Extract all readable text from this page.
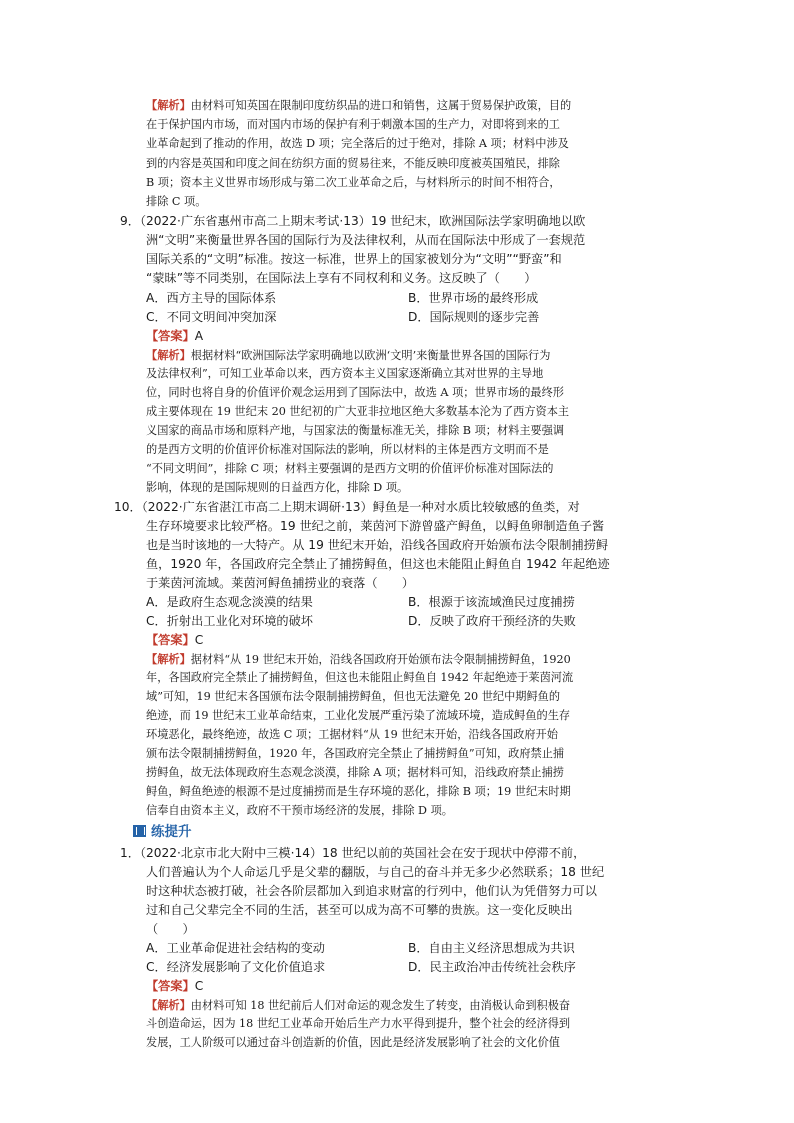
【解析】由材料可知英国在限制印度纺织品的进口和销售，这属于贸易保护政策，目的
在于保护国内市场，而对国内市场的保护有利于刺激本国的生产力，对即将到来的工
业革命起到了推动的作用，故选 D 项；完全落后的过于绝对，排除 A 项；材料中涉及
到的内容是英国和印度之间在纺织方面的贸易往来，不能反映印度被英国殖民，排除
B 项；资本主义世界市场形成与第二次工业革命之后，与材料所示的时间不相符合，
排除 C 项。
9．（2022·广东省惠州市高二上期末考试·13）19 世纪末，欧洲国际法学家明确地以欧
洲“文明”来衡量世界各国的国际行为及法律权利，从而在国际法中形成了一套规范
国际关系的“文明”标准。按这一标准，世界上的国家被划分为“文明”“野蛮”和
“蒙昧”等不同类别，在国际法上享有不同权利和义务。这反映了（　　）
A．西方主导的国际体系	B．世界市场的最终形成
C．不同文明间冲突加深	D．国际规则的逐步完善
【答案】A
【解析】根据材料“欧洲国际法学家明确地以欧洲‘文明’来衡量世界各国的国际行为
及法律权利”，可知工业革命以来，西方资本主义国家逐渐确立其对世界的主导地
位，同时也将自身的价值评价观念运用到了国际法中，故选 A 项；世界市场的最终形
成主要体现在 19 世纪末 20 世纪初的广大亚非拉地区绝大多数基本沦为了西方资本主
义国家的商品市场和原料产地，与国家法的衡量标准无关，排除 B 项；材料主要强调
的是西方文明的价值评价标准对国际法的影响，所以材料的主体是西方文明而不是
“不同文明间”，排除 C 项；材料主要强调的是西方文明的价值评价标准对国际法的
影响，体现的是国际规则的日益西方化，排除 D 项。
10．（2022·广东省湛江市高二上期末调研·13）鲟鱼是一种对水质比较敏感的鱼类，对
生存环境要求比较严格。19 世纪之前，莱茵河下游曾盛产鲟鱼，以鲟鱼卵制造鱼子酱
也是当时该地的一大特产。从 19 世纪末开始，沿线各国政府开始颁布法令限制捕捞鲟
鱼，1920 年，各国政府完全禁止了捕捞鲟鱼，但这也未能阻止鲟鱼自 1942 年起绝迹
于莱茵河流域。莱茵河鲟鱼捕捞业的衰落（　　）
A．是政府生态观念淡漠的结果	B．根源于该流域渔民过度捕捞
C．折射出工业化对环境的破坏	D．反映了政府干预经济的失败
【答案】C
【解析】据材料“从 19 世纪末开始，沿线各国政府开始颁布法令限制捕捞鲟鱼，1920
年，各国政府完全禁止了捕捞鲟鱼，但这也未能阻止鲟鱼自 1942 年起绝迹于莱茵河流
域”可知，19 世纪末各国颁布法令限制捕捞鲟鱼，但也无法避免 20 世纪中期鲟鱼的
绝迹，而 19 世纪末工业革命结束，工业化发展严重污染了流域环境，造成鲟鱼的生存
环境恶化，最终绝迹，故选 C 项；工据材料“从 19 世纪末开始，沿线各国政府开始
颁布法令限制捕捞鲟鱼，1920 年，各国政府完全禁止了捕捞鲟鱼”可知，政府禁止捕
捞鲟鱼，故无法体现政府生态观念淡漠，排除 A 项；据材料可知，沿线政府禁止捕捞
鲟鱼，鲟鱼绝迹的根源不是过度捕捞而是生存环境的恶化，排除 B 项；19 世纪末时期
信奉自由资本主义，政府不干预市场经济的发展，排除 D 项。
练提升
1．（2022·北京市北大附中三模·14）18 世纪以前的英国社会在安于现状中停滞不前，
人们普遍认为个人命运几乎是父辈的翻版，与自己的奋斗并无多少必然联系；18 世纪
时这种状态被打破，社会各阶层都加入到追求财富的行列中，他们认为凭借努力可以
过和自己父辈完全不同的生活，甚至可以成为高不可攀的贵族。这一变化反映出
（　　）
A．工业革命促进社会结构的变动	B．自由主义经济思想成为共识
C．经济发展影响了文化价值追求	D．民主政治冲击传统社会秩序
【答案】C
【解析】由材料可知 18 世纪前后人们对命运的观念发生了转变，由消极认命到积极奋
斗创造命运，因为 18 世纪工业革命开始后生产力水平得到提升，整个社会的经济得到
发展，工人阶级可以通过奋斗创造新的价值，因此是经济发展影响了社会的文化价值
